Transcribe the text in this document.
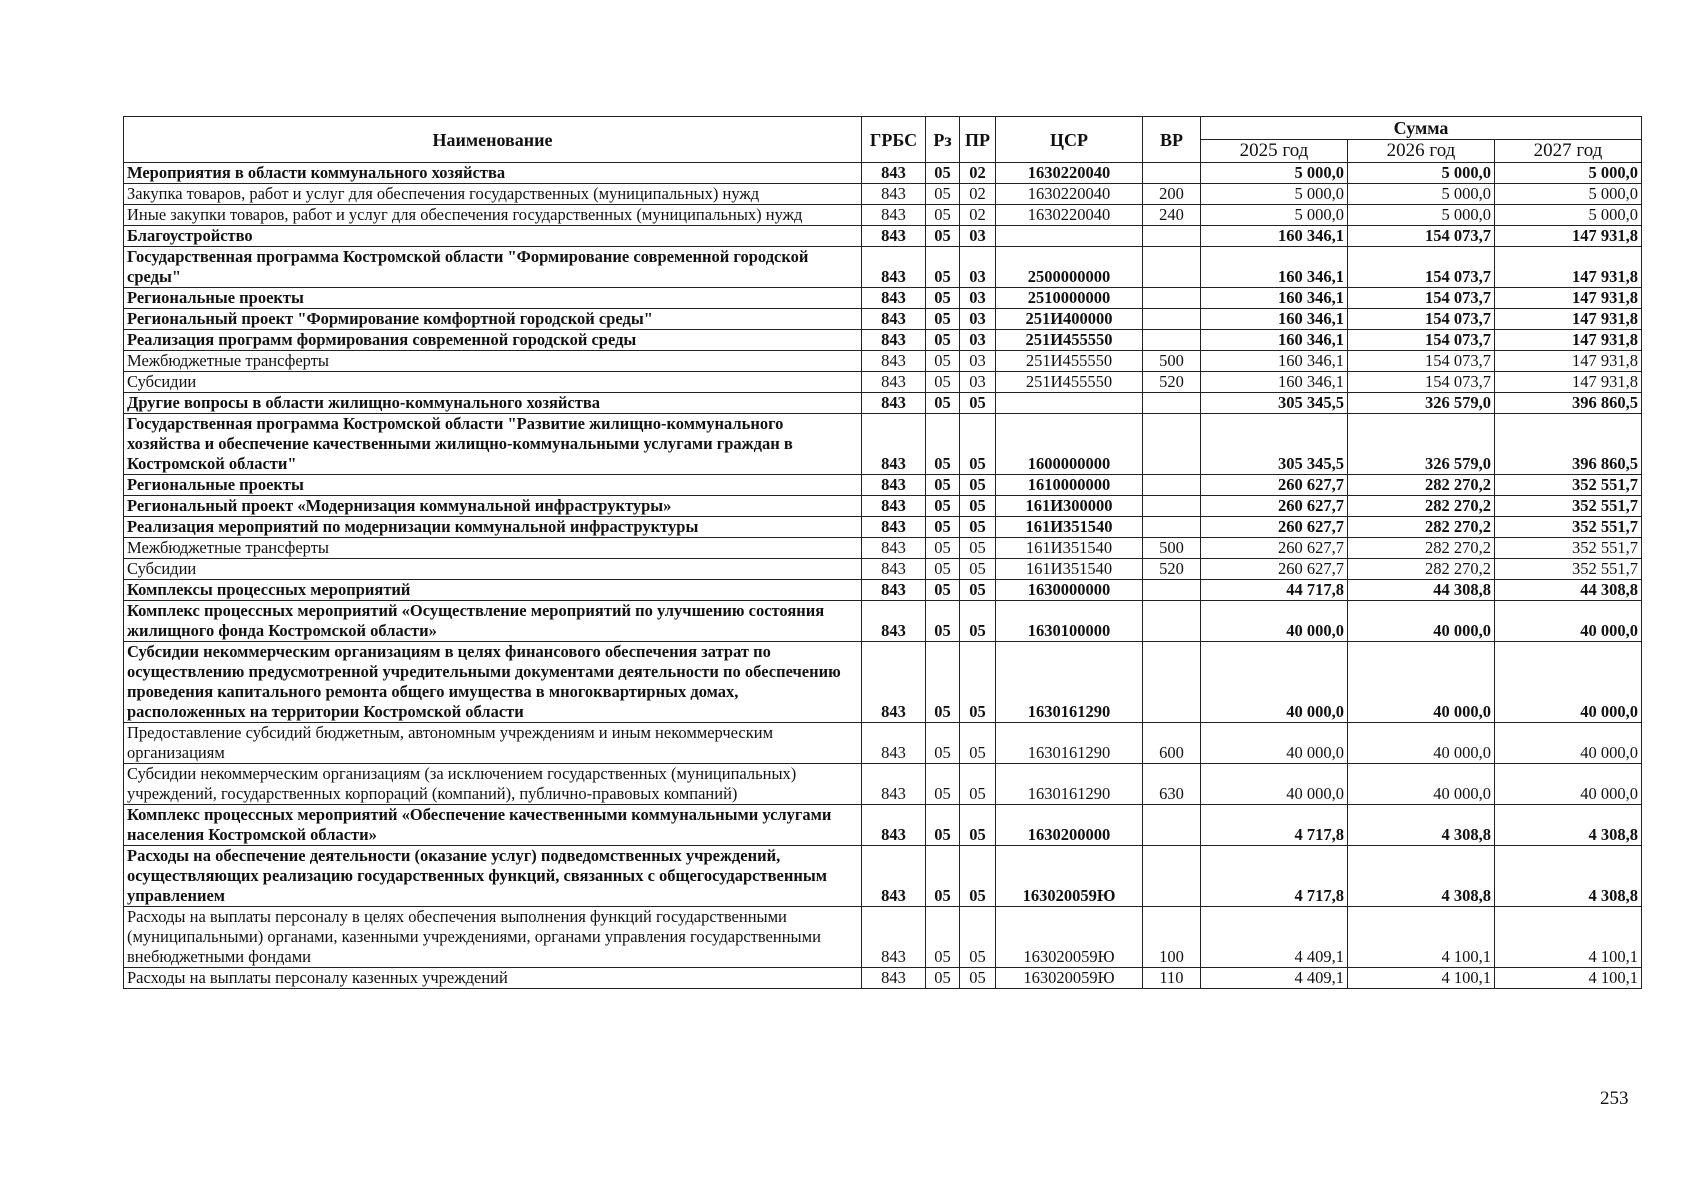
Наименование	ГРБС	Рз	ПР	ЦСР	ВР	Сумма		
						2025 год	2026 год	2027 год
Мероприятия в области коммунального хозяйства	843	05	02	1630220040		5 000,0	5 000,0	5 000,0
Закупка товаров, работ и услуг для обеспечения государственных (муниципальных) нужд	843	05	02	1630220040	200	5 000,0	5 000,0	5 000,0
Иные закупки товаров, работ и услуг для обеспечения государственных (муниципальных) нужд	843	05	02	1630220040	240	5 000,0	5 000,0	5 000,0
Благоустройство	843	05	03			160 346,1	154 073,7	147 931,8
Государственная программа Костромской области "Формирование современной городской среды"	843	05	03	2500000000		160 346,1	154 073,7	147 931,8
Региональные проекты	843	05	03	2510000000		160 346,1	154 073,7	147 931,8
Региональный проект "Формирование комфортной городской среды"	843	05	03	251И400000		160 346,1	154 073,7	147 931,8
Реализация программ формирования современной городской среды	843	05	03	251И455550		160 346,1	154 073,7	147 931,8
Межбюджетные трансферты	843	05	03	251И455550	500	160 346,1	154 073,7	147 931,8
Субсидии	843	05	03	251И455550	520	160 346,1	154 073,7	147 931,8
Другие вопросы в области жилищно-коммунального хозяйства	843	05	05			305 345,5	326 579,0	396 860,5
Государственная программа Костромской области "Развитие жилищно-коммунального хозяйства и обеспечение качественными жилищно-коммунальными услугами граждан в Костромской области"	843	05	05	1600000000		305 345,5	326 579,0	396 860,5
Региональные проекты	843	05	05	1610000000		260 627,7	282 270,2	352 551,7
Региональный проект «Модернизация коммунальной инфраструктуры»	843	05	05	161И300000		260 627,7	282 270,2	352 551,7
Реализация мероприятий по модернизации коммунальной инфраструктуры	843	05	05	161И351540		260 627,7	282 270,2	352 551,7
Межбюджетные трансферты	843	05	05	161И351540	500	260 627,7	282 270,2	352 551,7
Субсидии	843	05	05	161И351540	520	260 627,7	282 270,2	352 551,7
Комплексы процессных мероприятий	843	05	05	1630000000		44 717,8	44 308,8	44 308,8
Комплекс процессных мероприятий «Осуществление мероприятий по улучшению состояния жилищного фонда Костромской области»	843	05	05	1630100000		40 000,0	40 000,0	40 000,0
Субсидии некоммерческим организациям в целях финансового обеспечения затрат по осуществлению предусмотренной учредительными документами деятельности по обеспечению проведения капитального ремонта общего имущества в многоквартирных домах, расположенных на территории Костромской области	843	05	05	1630161290		40 000,0	40 000,0	40 000,0
Предоставление субсидий бюджетным, автономным учреждениям и иным некоммерческим организациям	843	05	05	1630161290	600	40 000,0	40 000,0	40 000,0
Субсидии некоммерческим организациям (за исключением государственных (муниципальных) учреждений, государственных корпораций (компаний), публично-правовых компаний)	843	05	05	1630161290	630	40 000,0	40 000,0	40 000,0
Комплекс процессных мероприятий «Обеспечение качественными коммунальными услугами населения Костромской области»	843	05	05	1630200000		4 717,8	4 308,8	4 308,8
Расходы на обеспечение деятельности (оказание услуг) подведомственных учреждений, осуществляющих реализацию государственных функций, связанных с общегосударственным управлением	843	05	05	163020059Ю		4 717,8	4 308,8	4 308,8
Расходы на выплаты персоналу в целях обеспечения выполнения функций государственными (муниципальными) органами, казенными учреждениями, органами управления государственными внебюджетными фондами	843	05	05	163020059Ю	100	4 409,1	4 100,1	4 100,1
Расходы на выплаты персоналу казенных учреждений	843	05	05	163020059Ю	110	4 409,1	4 100,1	4 100,1
253
